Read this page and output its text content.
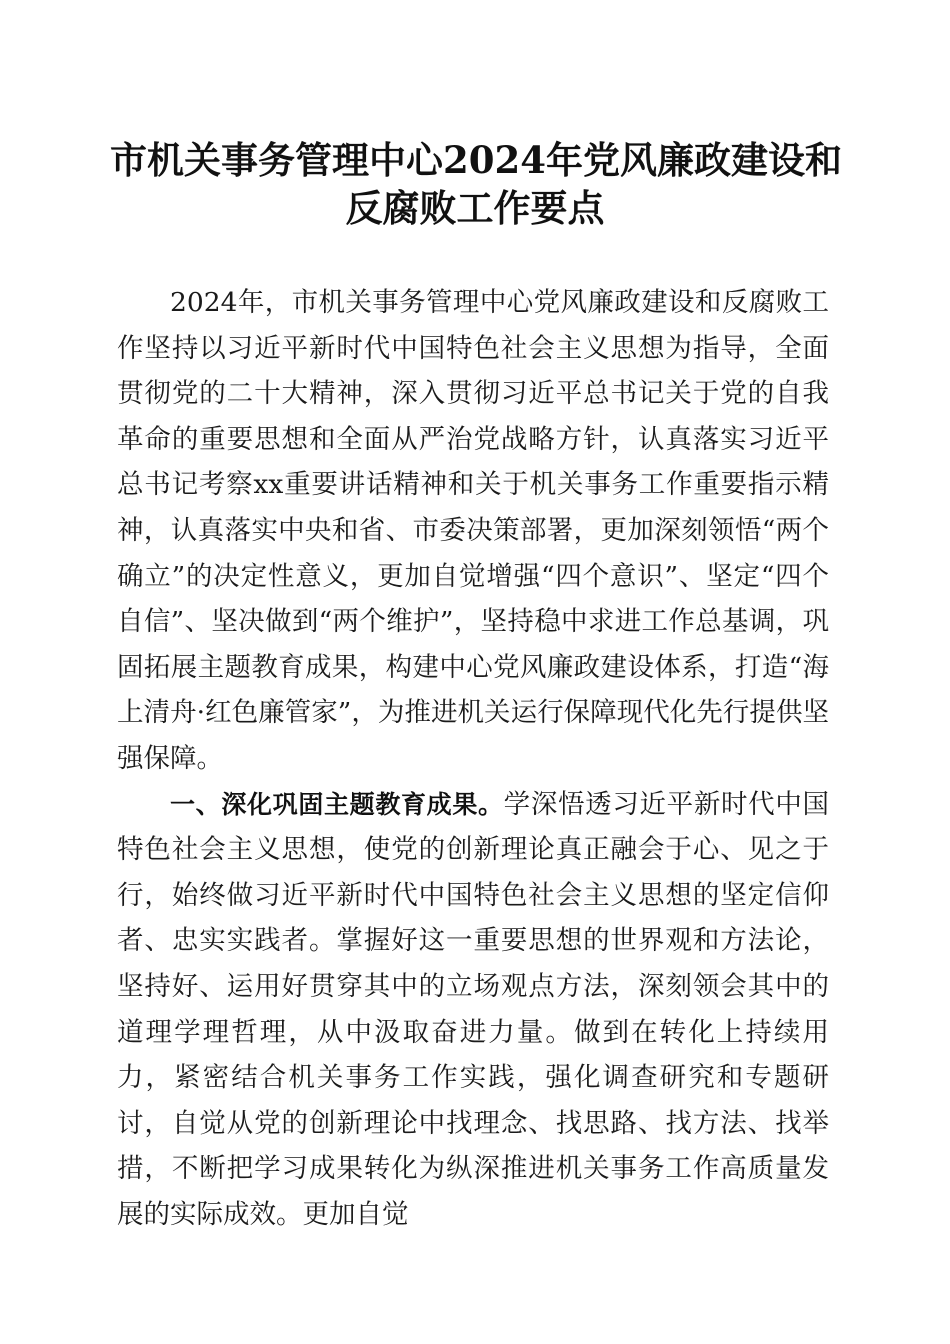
市机关事务管理中心2024年党风廉政建设和
反腐败工作要点

2024年，市机关事务管理中心党风廉政建设和反腐败工作坚持以习近平新时代中国特色社会主义思想为指导，全面贯彻党的二十大精神，深入贯彻习近平总书记关于党的自我革命的重要思想和全面从严治党战略方针，认真落实习近平总书记考察xx重要讲话精神和关于机关事务工作重要指示精神，认真落实中央和省、市委决策部署，更加深刻领悟“两个确立”的决定性意义，更加自觉增强“四个意识”、坚定“四个自信”、坚决做到“两个维护”，坚持稳中求进工作总基调，巩固拓展主题教育成果，构建中心党风廉政建设体系，打造“海上清舟·红色廉管家”，为推进机关运行保障现代化先行提供坚强保障。

一、深化巩固主题教育成果。学深悟透习近平新时代中国特色社会主义思想，使党的创新理论真正融会于心、见之于行，始终做习近平新时代中国特色社会主义思想的坚定信仰者、忠实实践者。掌握好这一重要思想的世界观和方法论，坚持好、运用好贯穿其中的立场观点方法，深刻领会其中的道理学理哲理，从中汲取奋进力量。做到在转化上持续用力，紧密结合机关事务工作实践，强化调查研究和专题研讨，自觉从党的创新理论中找理念、找思路、找方法、找举措，不断把学习成果转化为纵深推进机关事务工作高质量发展的实际成效。更加自觉
